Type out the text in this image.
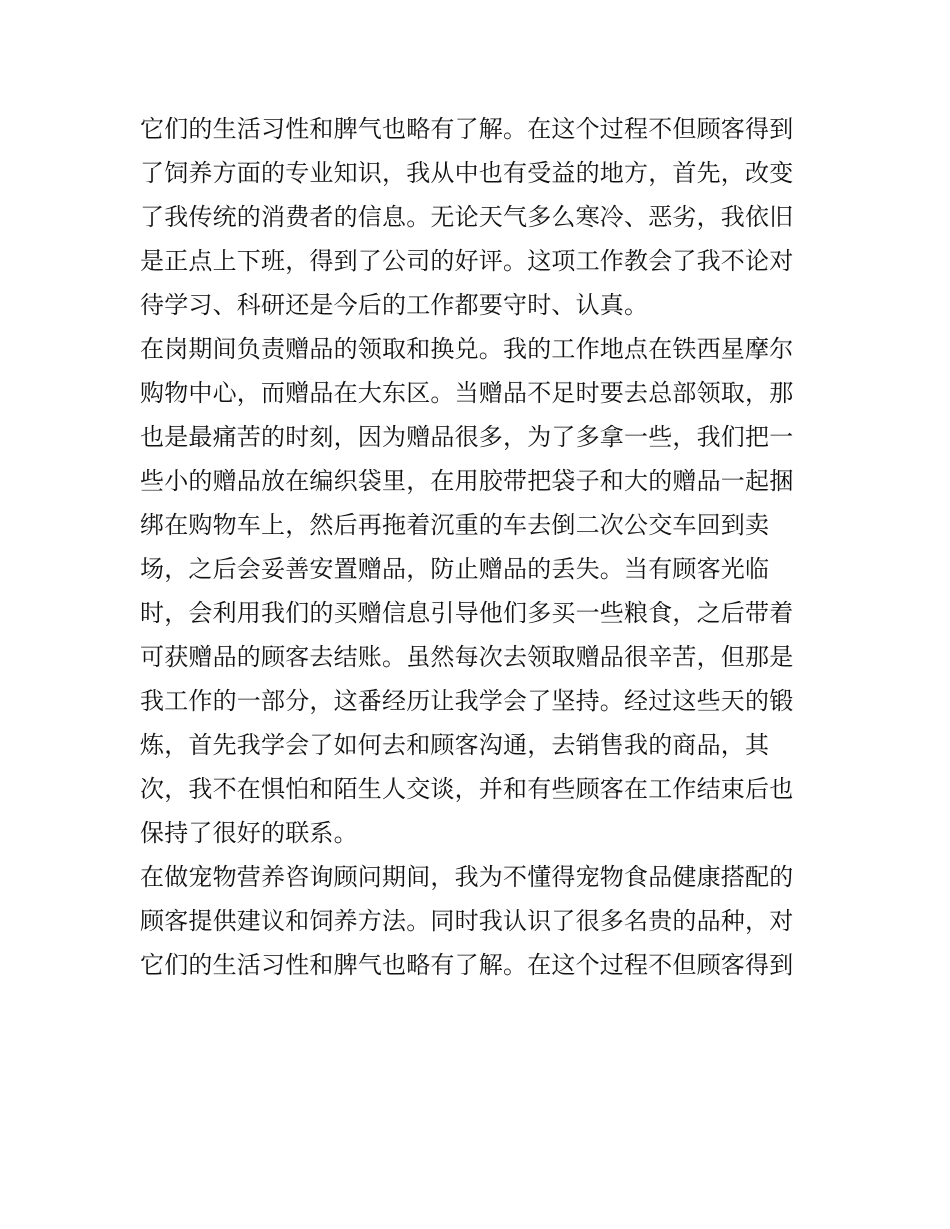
它们的生活习性和脾气也略有了解。在这个过程不但顾客得到
了饲养方面的专业知识，我从中也有受益的地方，首先，改变
了我传统的消费者的信息。无论天气多么寒冷、恶劣，我依旧
是正点上下班，得到了公司的好评。这项工作教会了我不论对
待学习、科研还是今后的工作都要守时、认真。
在岗期间负责赠品的领取和换兑。我的工作地点在铁西星摩尔
购物中心，而赠品在大东区。当赠品不足时要去总部领取，那
也是最痛苦的时刻，因为赠品很多，为了多拿一些，我们把一
些小的赠品放在编织袋里，在用胶带把袋子和大的赠品一起捆
绑在购物车上，然后再拖着沉重的车去倒二次公交车回到卖
场，之后会妥善安置赠品，防止赠品的丢失。当有顾客光临
时，会利用我们的买赠信息引导他们多买一些粮食，之后带着
可获赠品的顾客去结账。虽然每次去领取赠品很辛苦，但那是
我工作的一部分，这番经历让我学会了坚持。经过这些天的锻
炼，首先我学会了如何去和顾客沟通，去销售我的商品，其
次，我不在惧怕和陌生人交谈，并和有些顾客在工作结束后也
保持了很好的联系。
在做宠物营养咨询顾问期间，我为不懂得宠物食品健康搭配的
顾客提供建议和饲养方法。同时我认识了很多名贵的品种，对
它们的生活习性和脾气也略有了解。在这个过程不但顾客得到
